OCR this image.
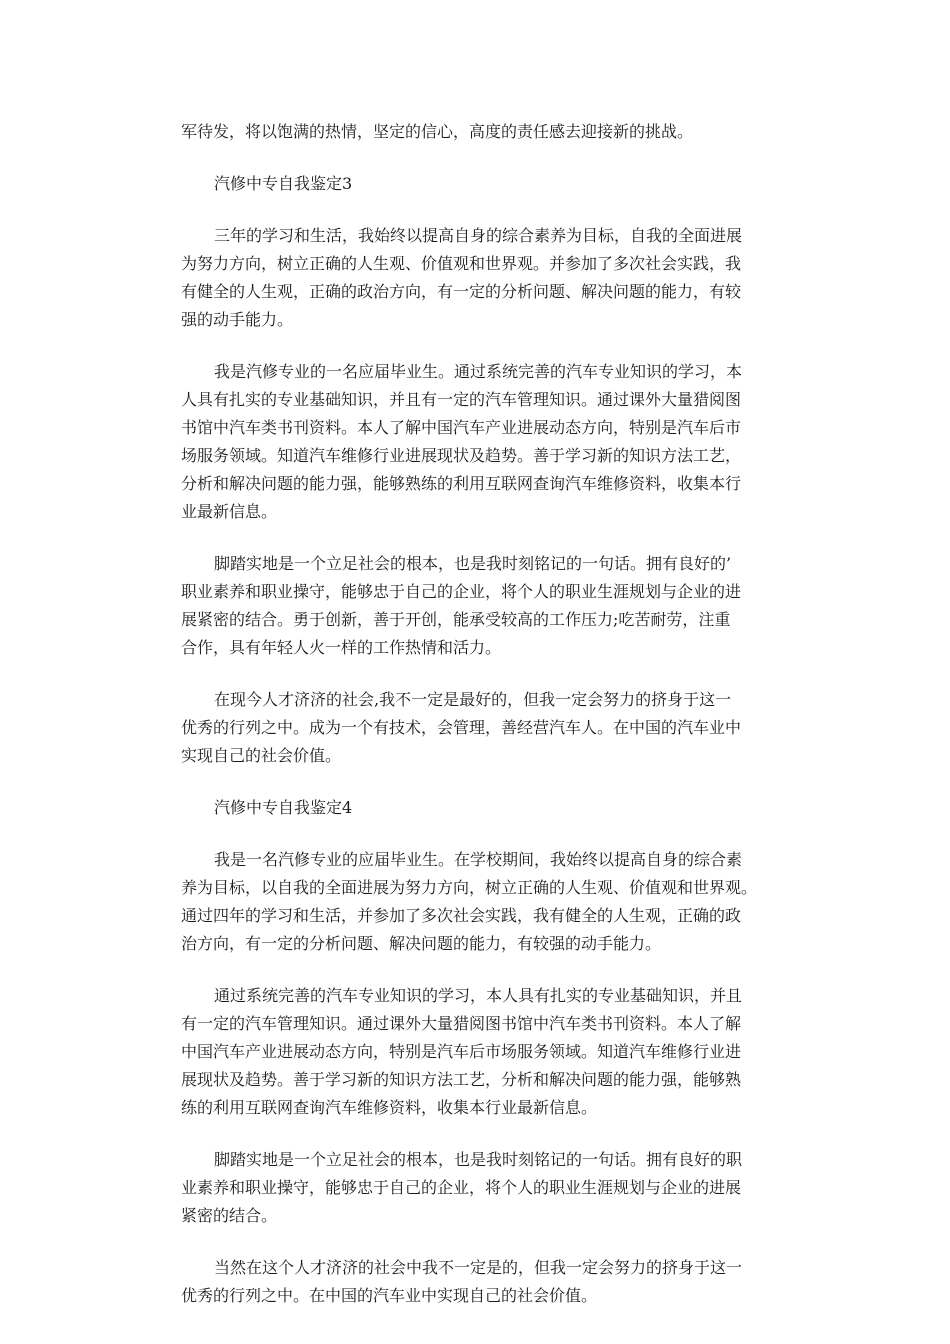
军待发，将以饱满的热情，坚定的信心，高度的责任感去迎接新的挑战。

汽修中专自我鉴定3

三年的学习和生活，我始终以提高自身的综合素养为目标，自我的全面进展

为努力方向，树立正确的人生观、价值观和世界观。并参加了多次社会实践，我

有健全的人生观，正确的政治方向，有一定的分析问题、解决问题的能力，有较

强的动手能力。

我是汽修专业的一名应届毕业生。通过系统完善的汽车专业知识的学习，本

人具有扎实的专业基础知识，并且有一定的汽车管理知识。通过课外大量猎阅图

书馆中汽车类书刊资料。本人了解中国汽车产业进展动态方向，特别是汽车后市

场服务领域。知道汽车维修行业进展现状及趋势。善于学习新的知识方法工艺，

分析和解决问题的能力强，能够熟练的利用互联网查询汽车维修资料，收集本行

业最新信息。

脚踏实地是一个立足社会的根本，也是我时刻铭记的一句话。拥有良好的’

职业素养和职业操守，能够忠于自己的企业，将个人的职业生涯规划与企业的进

展紧密的结合。勇于创新，善于开创，能承受较高的工作压力;吃苦耐劳，注重

合作，具有年轻人火一样的工作热情和活力。

在现今人才济济的社会,我不一定是最好的，但我一定会努力的挤身于这一

优秀的行列之中。成为一个有技术，会管理，善经营汽车人。在中国的汽车业中

实现自己的社会价值。

汽修中专自我鉴定4

我是一名汽修专业的应届毕业生。在学校期间，我始终以提高自身的综合素

养为目标，以自我的全面进展为努力方向，树立正确的人生观、价值观和世界观。

通过四年的学习和生活，并参加了多次社会实践，我有健全的人生观，正确的政

治方向，有一定的分析问题、解决问题的能力，有较强的动手能力。

通过系统完善的汽车专业知识的学习，本人具有扎实的专业基础知识，并且

有一定的汽车管理知识。通过课外大量猎阅图书馆中汽车类书刊资料。本人了解

中国汽车产业进展动态方向，特别是汽车后市场服务领域。知道汽车维修行业进

展现状及趋势。善于学习新的知识方法工艺，分析和解决问题的能力强，能够熟

练的利用互联网查询汽车维修资料，收集本行业最新信息。

脚踏实地是一个立足社会的根本，也是我时刻铭记的一句话。拥有良好的职

业素养和职业操守，能够忠于自己的企业，将个人的职业生涯规划与企业的进展

紧密的结合。

当然在这个人才济济的社会中我不一定是的，但我一定会努力的挤身于这一

优秀的行列之中。在中国的汽车业中实现自己的社会价值。
